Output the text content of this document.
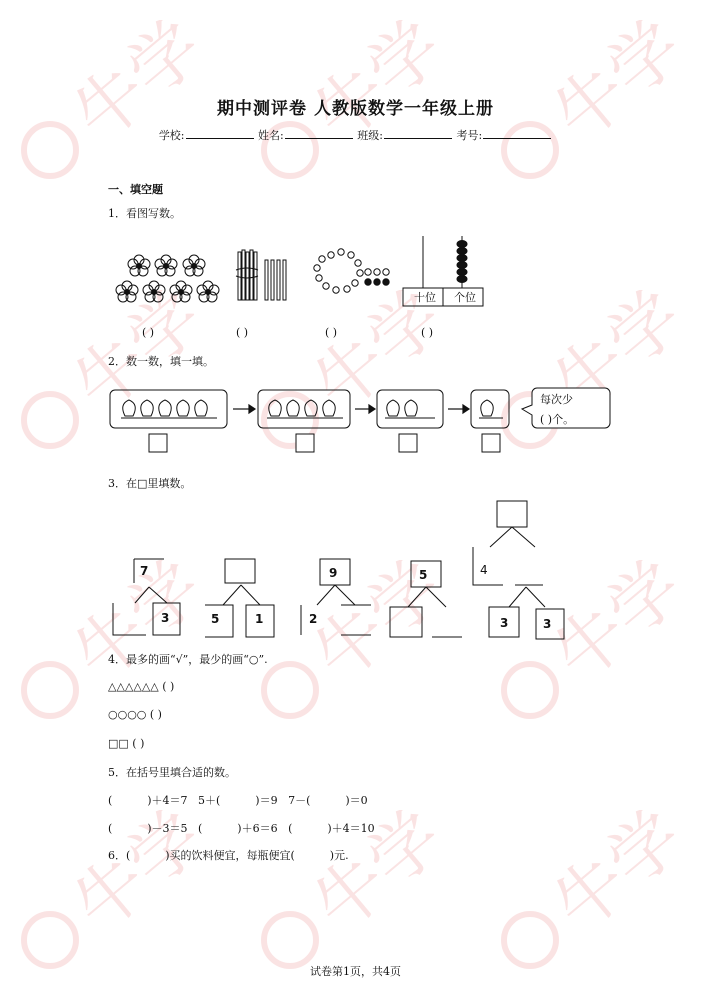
牛学 牛学 牛学
牛学 牛学 牛学
牛学 牛学 牛学
牛学 牛学 牛学
期中测评卷 人教版数学一年级上册
学校:	姓名:	班级:	考号:
一、填空题
1．看图写数。
十位	个位
( )	( )	( )	( )
2．数一数，填一填。
每次少
( )个。
3．在□里填数。
7
3	5	1
9
2
5	4
3	3
4．最多的画“√”，最少的画“○”.
△△△△△△ ( )
○○○○ ( )
□□ ( )
5．在括号里填合适的数。
(          )＋4＝7   5＋(          )＝9   7－(          )＝0
(          )－3＝5   (          )＋6＝6   (          )＋4＝10
6．(          )买的饮料便宜，每瓶便宜(          )元.
试卷第1页，共4页
